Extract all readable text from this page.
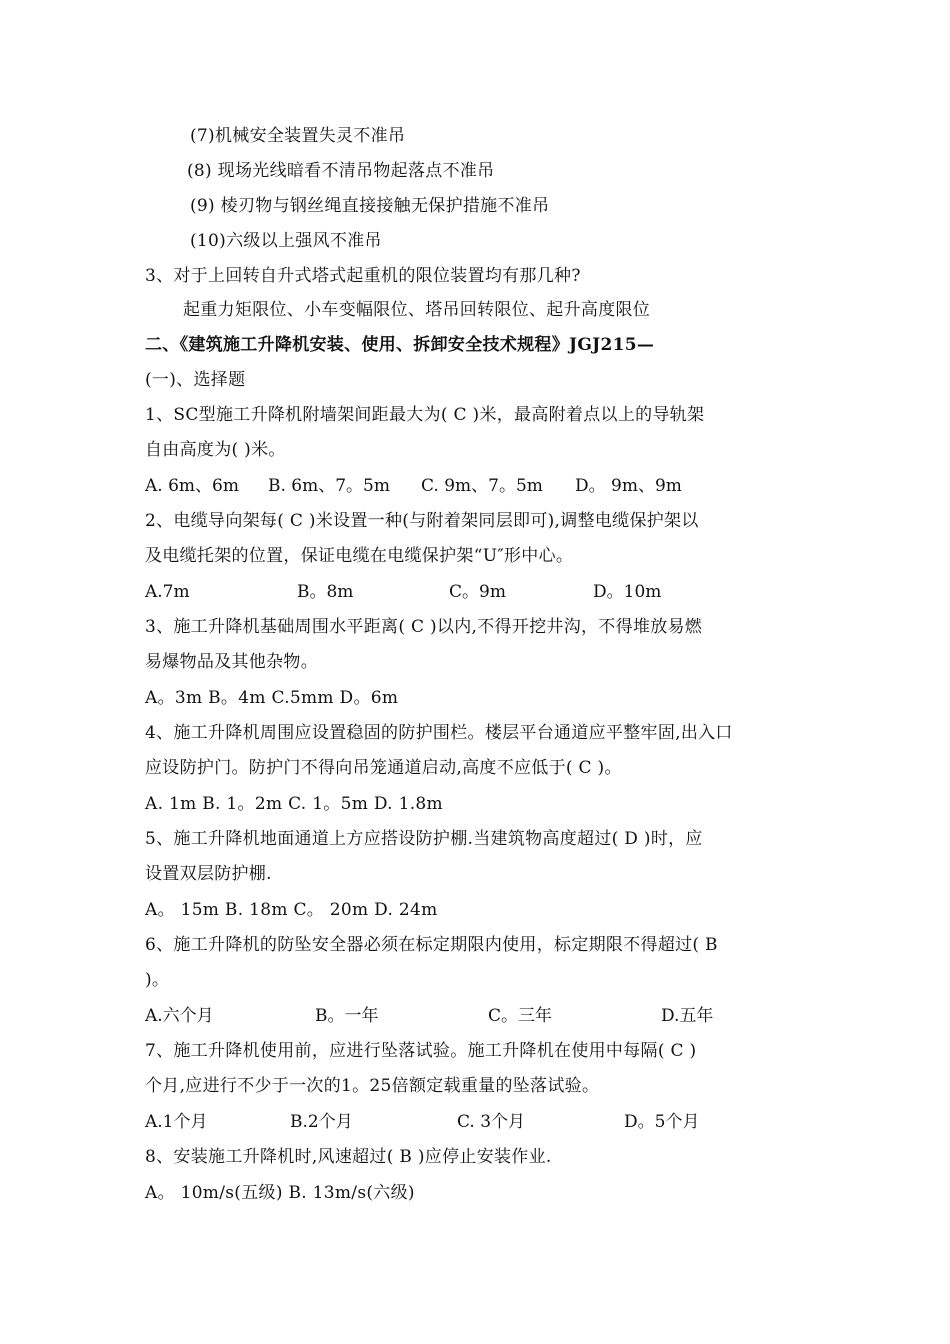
(7)机械安全装置失灵不准吊
(8) 现场光线暗看不清吊物起落点不准吊
(9) 棱刃物与钢丝绳直接接触无保护措施不准吊
(10)六级以上强风不准吊
3、对于上回转自升式塔式起重机的限位装置均有那几种?
起重力矩限位、小车变幅限位、塔吊回转限位、起升高度限位
二、《建筑施工升降机安装、使用、拆卸安全技术规程》JGJ215—
(一)、选择题
1、SC型施工升降机附墙架间距最大为( C )米，最高附着点以上的导轨架
自由高度为( )米。
A. 6m、6m B. 6m、7。5m C. 9m、7。5m D。 9m、9m
2、电缆导向架每( C )米设置一种(与附着架同层即可),调整电缆保护架以
及电缆托架的位置，保证电缆在电缆保护架“U″形中心。
A.7m	B。8m	C。9m	D。10m
3、施工升降机基础周围水平距离( C )以内,不得开挖井沟，不得堆放易燃
易爆物品及其他杂物。
A。3m B。4m C.5mm D。6m
4、施工升降机周围应设置稳固的防护围栏。楼层平台通道应平整牢固,出入口
应设防护门。防护门不得向吊笼通道启动,高度不应低于( C )。
A. 1m B. 1。2m C. 1。5m D. 1.8m
5、施工升降机地面通道上方应搭设防护棚.当建筑物高度超过( D )时，应
设置双层防护棚.
A。 15m B. 18m C。 20m D. 24m
6、施工升降机的防坠安全器必须在标定期限内使用，标定期限不得超过( B
)。
A.六个月	B。一年	C。三年	D.五年
7、施工升降机使用前，应进行坠落试验。施工升降机在使用中每隔( C )
个月,应进行不少于一次的1。25倍额定载重量的坠落试验。
A.1个月	B.2个月	C. 3个月	D。5个月
8、安装施工升降机时,风速超过( B )应停止安装作业.
A。 10m/s(五级) B. 13m/s(六级)
